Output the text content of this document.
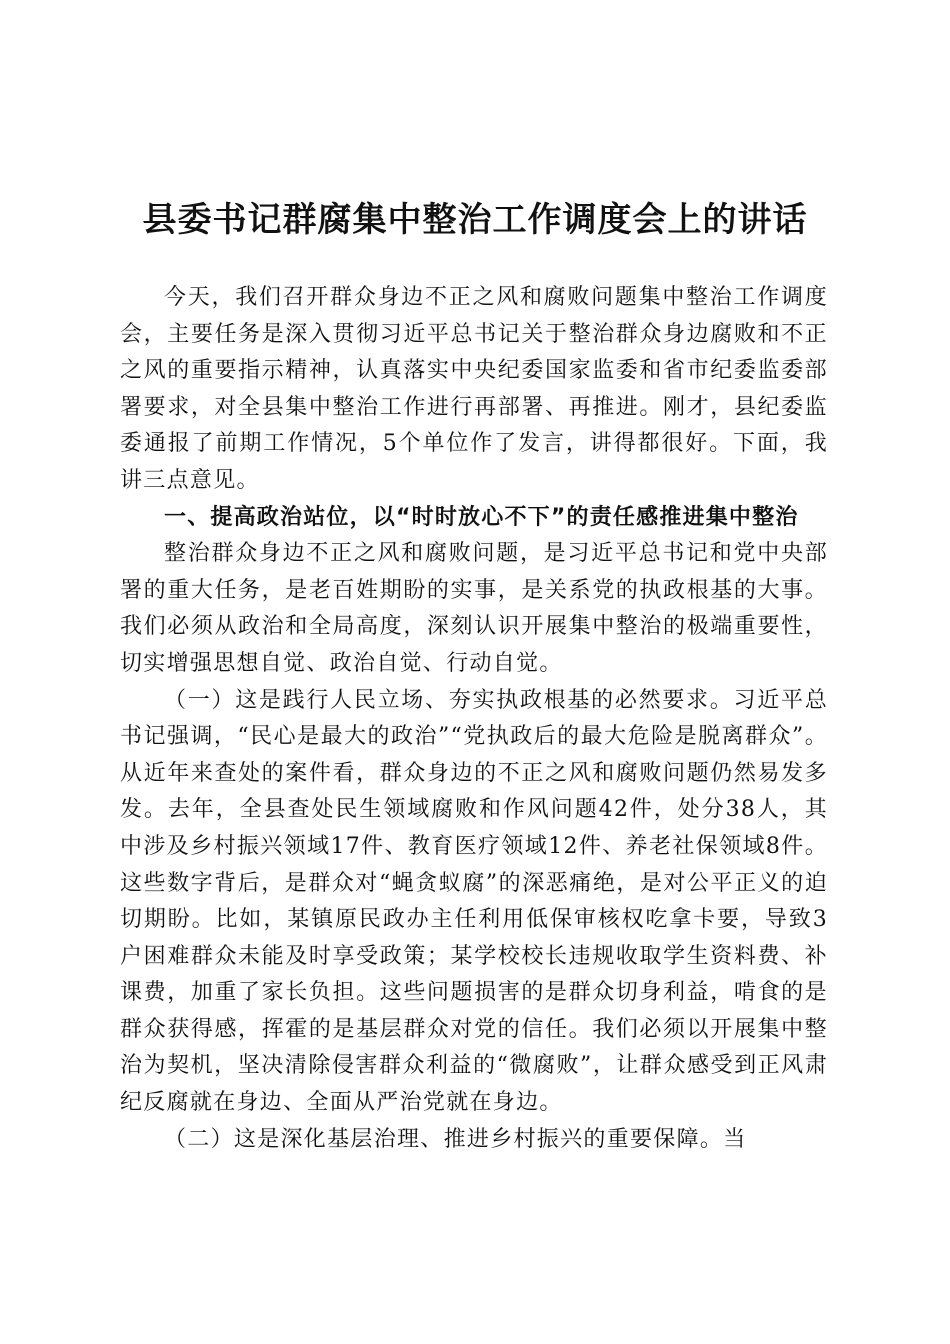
县委书记群腐集中整治工作调度会上的讲话

今天，我们召开群众身边不正之风和腐败问题集中整治工作调度会，主要任务是深入贯彻习近平总书记关于整治群众身边腐败和不正之风的重要指示精神，认真落实中央纪委国家监委和省市纪委监委部署要求，对全县集中整治工作进行再部署、再推进。刚才，县纪委监委通报了前期工作情况，5个单位作了发言，讲得都很好。下面，我讲三点意见。

一、提高政治站位，以“时时放心不下”的责任感推进集中整治

整治群众身边不正之风和腐败问题，是习近平总书记和党中央部署的重大任务，是老百姓期盼的实事，是关系党的执政根基的大事。我们必须从政治和全局高度，深刻认识开展集中整治的极端重要性，切实增强思想自觉、政治自觉、行动自觉。

（一）这是践行人民立场、夯实执政根基的必然要求。习近平总书记强调，“民心是最大的政治”“党执政后的最大危险是脱离群众”。从近年来查处的案件看，群众身边的不正之风和腐败问题仍然易发多发。去年，全县查处民生领域腐败和作风问题42件，处分38人，其中涉及乡村振兴领域17件、教育医疗领域12件、养老社保领域8件。这些数字背后，是群众对“蝇贪蚁腐”的深恶痛绝，是对公平正义的迫切期盼。比如，某镇原民政办主任利用低保审核权吃拿卡要，导致3户困难群众未能及时享受政策；某学校校长违规收取学生资料费、补课费，加重了家长负担。这些问题损害的是群众切身利益，啃食的是群众获得感，挥霍的是基层群众对党的信任。我们必须以开展集中整治为契机，坚决清除侵害群众利益的“微腐败”，让群众感受到正风肃纪反腐就在身边、全面从严治党就在身边。

（二）这是深化基层治理、推进乡村振兴的重要保障。当
